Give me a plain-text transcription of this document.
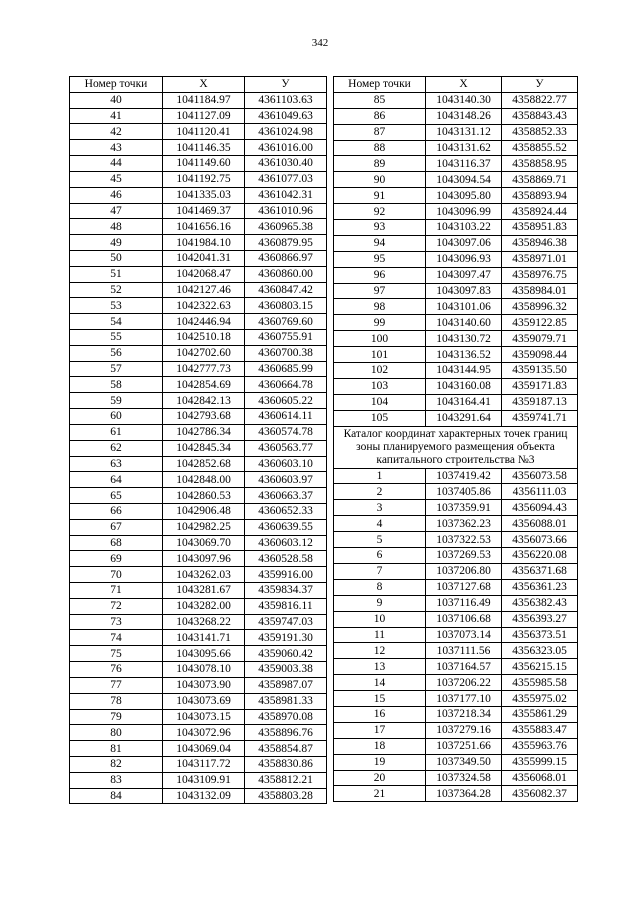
342
Номер точки	X	У
40	1041184.97	4361103.63
41	1041127.09	4361049.63
42	1041120.41	4361024.98
43	1041146.35	4361016.00
44	1041149.60	4361030.40
45	1041192.75	4361077.03
46	1041335.03	4361042.31
47	1041469.37	4361010.96
48	1041656.16	4360965.38
49	1041984.10	4360879.95
50	1042041.31	4360866.97
51	1042068.47	4360860.00
52	1042127.46	4360847.42
53	1042322.63	4360803.15
54	1042446.94	4360769.60
55	1042510.18	4360755.91
56	1042702.60	4360700.38
57	1042777.73	4360685.99
58	1042854.69	4360664.78
59	1042842.13	4360605.22
60	1042793.68	4360614.11
61	1042786.34	4360574.78
62	1042845.34	4360563.77
63	1042852.68	4360603.10
64	1042848.00	4360603.97
65	1042860.53	4360663.37
66	1042906.48	4360652.33
67	1042982.25	4360639.55
68	1043069.70	4360603.12
69	1043097.96	4360528.58
70	1043262.03	4359916.00
71	1043281.67	4359834.37
72	1043282.00	4359816.11
73	1043268.22	4359747.03
74	1043141.71	4359191.30
75	1043095.66	4359060.42
76	1043078.10	4359003.38
77	1043073.90	4358987.07
78	1043073.69	4358981.33
79	1043073.15	4358970.08
80	1043072.96	4358896.76
81	1043069.04	4358854.87
82	1043117.72	4358830.86
83	1043109.91	4358812.21
84	1043132.09	4358803.28
Номер точки	X	У
85	1043140.30	4358822.77
86	1043148.26	4358843.43
87	1043131.12	4358852.33
88	1043131.62	4358855.52
89	1043116.37	4358858.95
90	1043094.54	4358869.71
91	1043095.80	4358893.94
92	1043096.99	4358924.44
93	1043103.22	4358951.83
94	1043097.06	4358946.38
95	1043096.93	4358971.01
96	1043097.47	4358976.75
97	1043097.83	4358984.01
98	1043101.06	4358996.32
99	1043140.60	4359122.85
100	1043130.72	4359079.71
101	1043136.52	4359098.44
102	1043144.95	4359135.50
103	1043160.08	4359171.83
104	1043164.41	4359187.13
105	1043291.64	4359741.71
Каталог координат характерных точек границ зоны планируемого размещения объекта капитального строительства №3		
1	1037419.42	4356073.58
2	1037405.86	4356111.03
3	1037359.91	4356094.43
4	1037362.23	4356088.01
5	1037322.53	4356073.66
6	1037269.53	4356220.08
7	1037206.80	4356371.68
8	1037127.68	4356361.23
9	1037116.49	4356382.43
10	1037106.68	4356393.27
11	1037073.14	4356373.51
12	1037111.56	4356323.05
13	1037164.57	4356215.15
14	1037206.22	4355985.58
15	1037177.10	4355975.02
16	1037218.34	4355861.29
17	1037279.16	4355883.47
18	1037251.66	4355963.76
19	1037349.50	4355999.15
20	1037324.58	4356068.01
21	1037364.28	4356082.37
